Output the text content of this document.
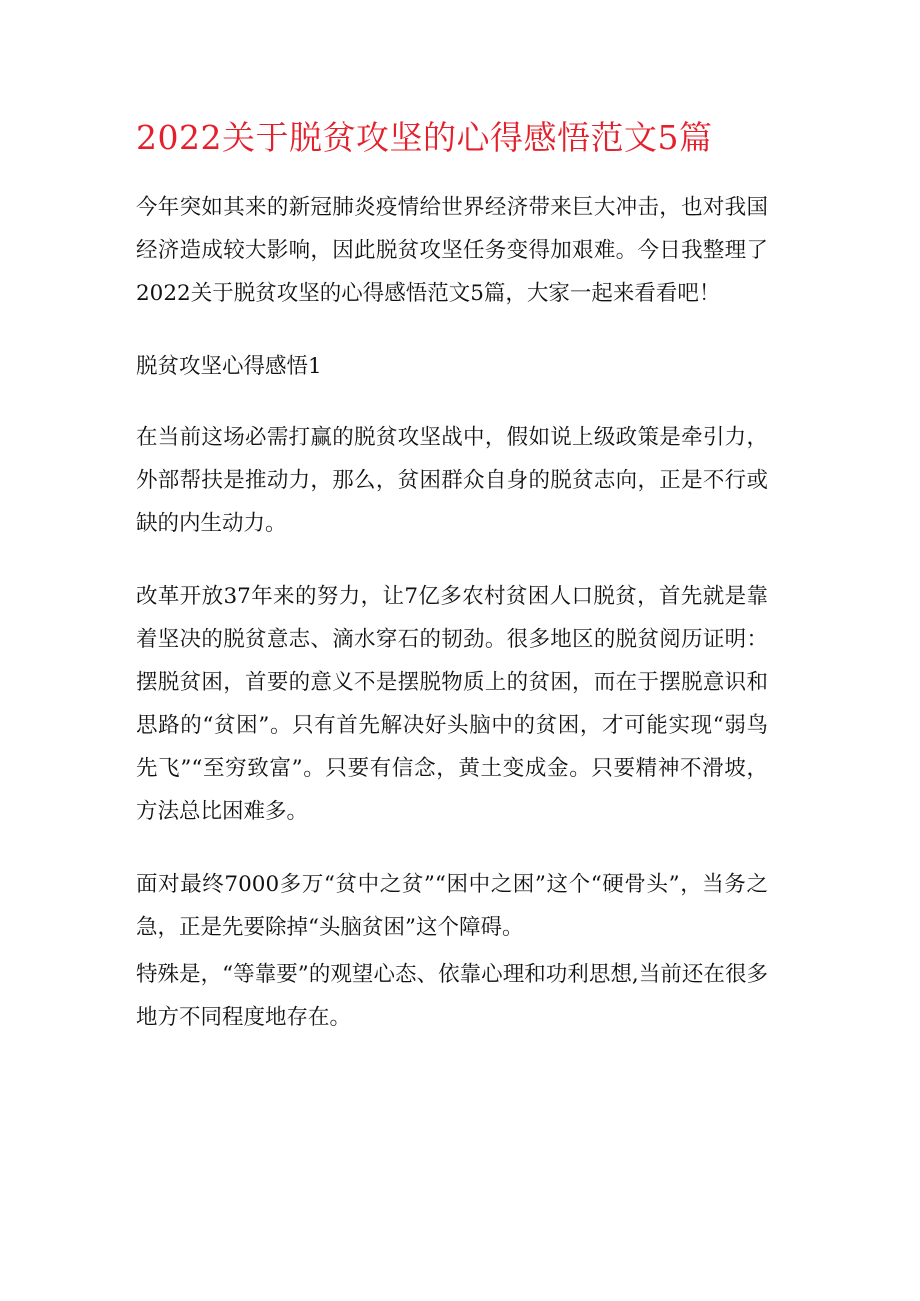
2022关于脱贫攻坚的心得感悟范文5篇

今年突如其来的新冠肺炎疫情给世界经济带来巨大冲击，也对我国经济造成较大影响，因此脱贫攻坚任务变得加艰难。今日我整理了2022关于脱贫攻坚的心得感悟范文5篇，大家一起来看看吧！

脱贫攻坚心得感悟1

在当前这场必需打赢的脱贫攻坚战中，假如说上级政策是牵引力，外部帮扶是推动力，那么，贫困群众自身的脱贫志向，正是不行或缺的内生动力。

改革开放37年来的努力，让7亿多农村贫困人口脱贫，首先就是靠着坚决的脱贫意志、滴水穿石的韧劲。很多地区的脱贫阅历证明：摆脱贫困，首要的意义不是摆脱物质上的贫困，而在于摆脱意识和思路的“贫困”。只有首先解决好头脑中的贫困，才可能实现“弱鸟先飞”“至穷致富”。只要有信念，黄土变成金。只要精神不滑坡，方法总比困难多。

面对最终7000多万“贫中之贫”“困中之困”这个“硬骨头”，当务之急，正是先要除掉“头脑贫困”这个障碍。

特殊是，“等靠要”的观望心态、依靠心理和功利思想,当前还在很多地方不同程度地存在。
